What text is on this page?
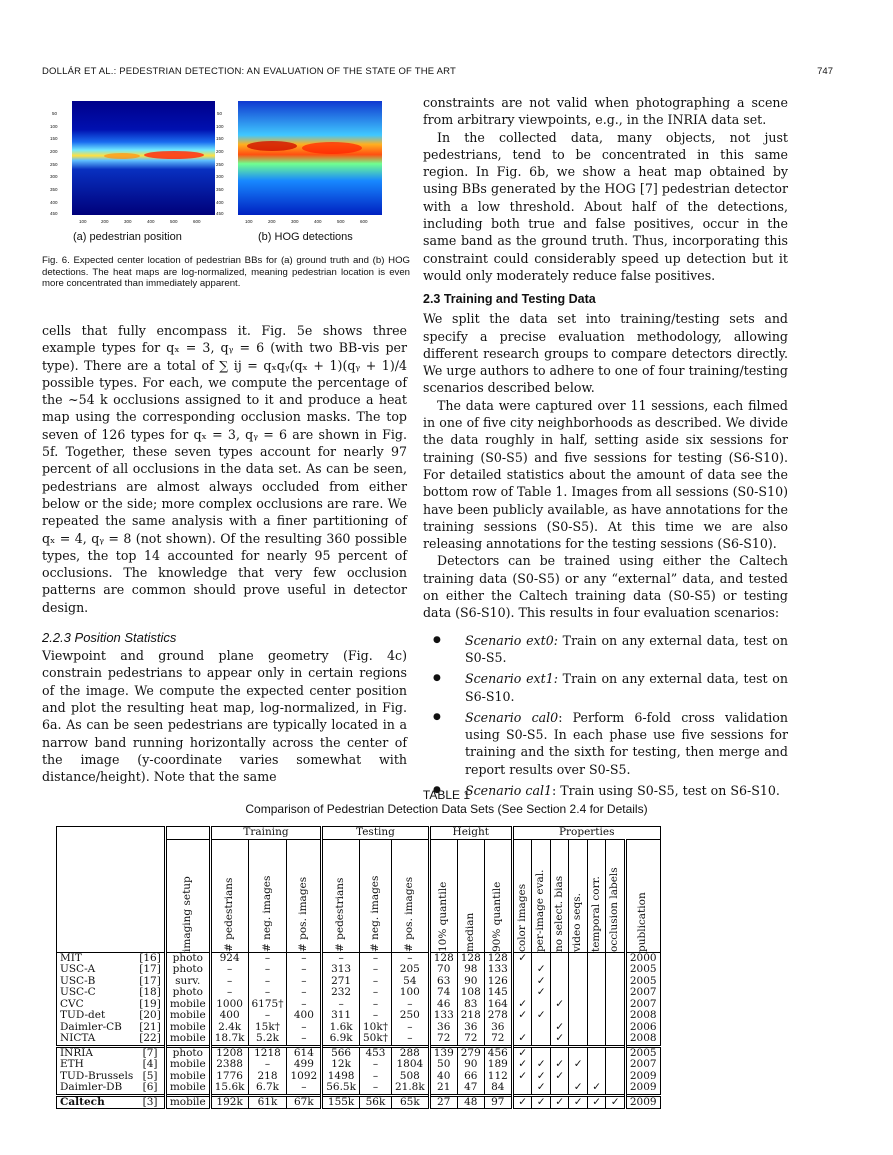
DOLLÁR ET AL.: PEDESTRIAN DETECTION: AN EVALUATION OF THE STATE OF THE ART	747
50
100
150
200
250
300
350
400
450
100	200	300	400	500	600
50
100
150
200
250
300
350
400
450
100	200	300	400	500	600
(a) pedestrian position	(b) HOG detections
Fig. 6. Expected center location of pedestrian BBs for (a) ground truth and (b) HOG detections. The heat maps are log-normalized, meaning pedestrian location is even more concentrated than immediately apparent.

cells that fully encompass it. Fig. 5e shows three example types for qₓ = 3, qᵧ = 6 (with two BB-vis per type). There are a total of ∑ ij = qₓqᵧ(qₓ + 1)(qᵧ + 1)/4 possible types. For each, we compute the percentage of the ~54 k occlusions assigned to it and produce a heat map using the corresponding occlusion masks. The top seven of 126 types for qₓ = 3, qᵧ = 6 are shown in Fig. 5f. Together, these seven types account for nearly 97 percent of all occlusions in the data set. As can be seen, pedestrians are almost always occluded from either below or the side; more complex occlusions are rare. We repeated the same analysis with a finer partitioning of qₓ = 4, qᵧ = 8 (not shown). Of the resulting 360 possible types, the top 14 accounted for nearly 95 percent of occlusions. The knowledge that very few occlusion patterns are common should prove useful in detector design.

2.2.3 Position Statistics

Viewpoint and ground plane geometry (Fig. 4c) constrain pedestrians to appear only in certain regions of the image. We compute the expected center position and plot the resulting heat map, log-normalized, in Fig. 6a. As can be seen pedestrians are typically located in a narrow band running horizontally across the center of the image (y-coordinate varies somewhat with distance/height). Note that the same

constraints are not valid when photographing a scene from arbitrary viewpoints, e.g., in the INRIA data set.

In the collected data, many objects, not just pedestrians, tend to be concentrated in this same region. In Fig. 6b, we show a heat map obtained by using BBs generated by the HOG [7] pedestrian detector with a low threshold. About half of the detections, including both true and false positives, occur in the same band as the ground truth. Thus, incorporating this constraint could considerably speed up detection but it would only moderately reduce false positives.

2.3 Training and Testing Data

We split the data set into training/testing sets and specify a precise evaluation methodology, allowing different research groups to compare detectors directly. We urge authors to adhere to one of four training/testing scenarios described below.

The data were captured over 11 sessions, each filmed in one of five city neighborhoods as described. We divide the data roughly in half, setting aside six sessions for training (S0-S5) and five sessions for testing (S6-S10). For detailed statistics about the amount of data see the bottom row of Table 1. Images from all sessions (S0-S10) have been publicly available, as have annotations for the training sessions (S0-S5). At this time we are also releasing annotations for the testing sessions (S6-S10).

Detectors can be trained using either the Caltech training data (S0-S5) or any “external” data, and tested on either the Caltech training data (S0-S5) or testing data (S6-S10). This results in four evaluation scenarios:

● Scenario ext0: Train on any external data, test on S0-S5.
● Scenario ext1: Train on any external data, test on S6-S10.
● Scenario cal0: Perform 6-fold cross validation using S0-S5. In each phase use five sessions for training and the sixth for testing, then merge and report results over S0-S5.
● Scenario cal1: Train using S0-S5, test on S6-S10.
TABLE 1
Comparison of Pedestrian Detection Data Sets (See Section 2.4 for Details)
			Training			Testing			Height			Properties						
		imaging setup	# pedestrians	# neg. images	# pos. images	# pedestrians	# neg. images	# pos. images	10% quantile	median	90% quantile	color images	per-image eval.	no select. bias	video seqs.	temporal corr.	occlusion labels	publication
MIT	[16]	photo	924	–	–	–	–	–	128	128	128	✓						2000
USC-A	[17]	photo	–	–	–	313	–	205	70	98	133		✓					2005
USC-B	[17]	surv.	–	–	–	271	–	54	63	90	126		✓					2005
USC-C	[18]	photo	–	–	–	232	–	100	74	108	145		✓					2007
CVC	[19]	mobile	1000	6175†	–	–	–	–	46	83	164	✓		✓				2007
TUD-det	[20]	mobile	400	–	400	311	–	250	133	218	278	✓	✓					2008
Daimler-CB	[21]	mobile	2.4k	15k†	–	1.6k	10k†	–	36	36	36			✓				2006
NICTA	[22]	mobile	18.7k	5.2k	–	6.9k	50k†	–	72	72	72	✓		✓				2008
INRIA	[7]	photo	1208	1218	614	566	453	288	139	279	456	✓						2005
ETH	[4]	mobile	2388	–	499	12k	–	1804	50	90	189	✓	✓	✓	✓			2007
TUD-Brussels	[5]	mobile	1776	218	1092	1498	–	508	40	66	112	✓	✓	✓				2009
Daimler-DB	[6]	mobile	15.6k	6.7k	–	56.5k	–	21.8k	21	47	84		✓		✓	✓		2009
Caltech	[3]	mobile	192k	61k	67k	155k	56k	65k	27	48	97	✓	✓	✓	✓	✓	✓	2009
